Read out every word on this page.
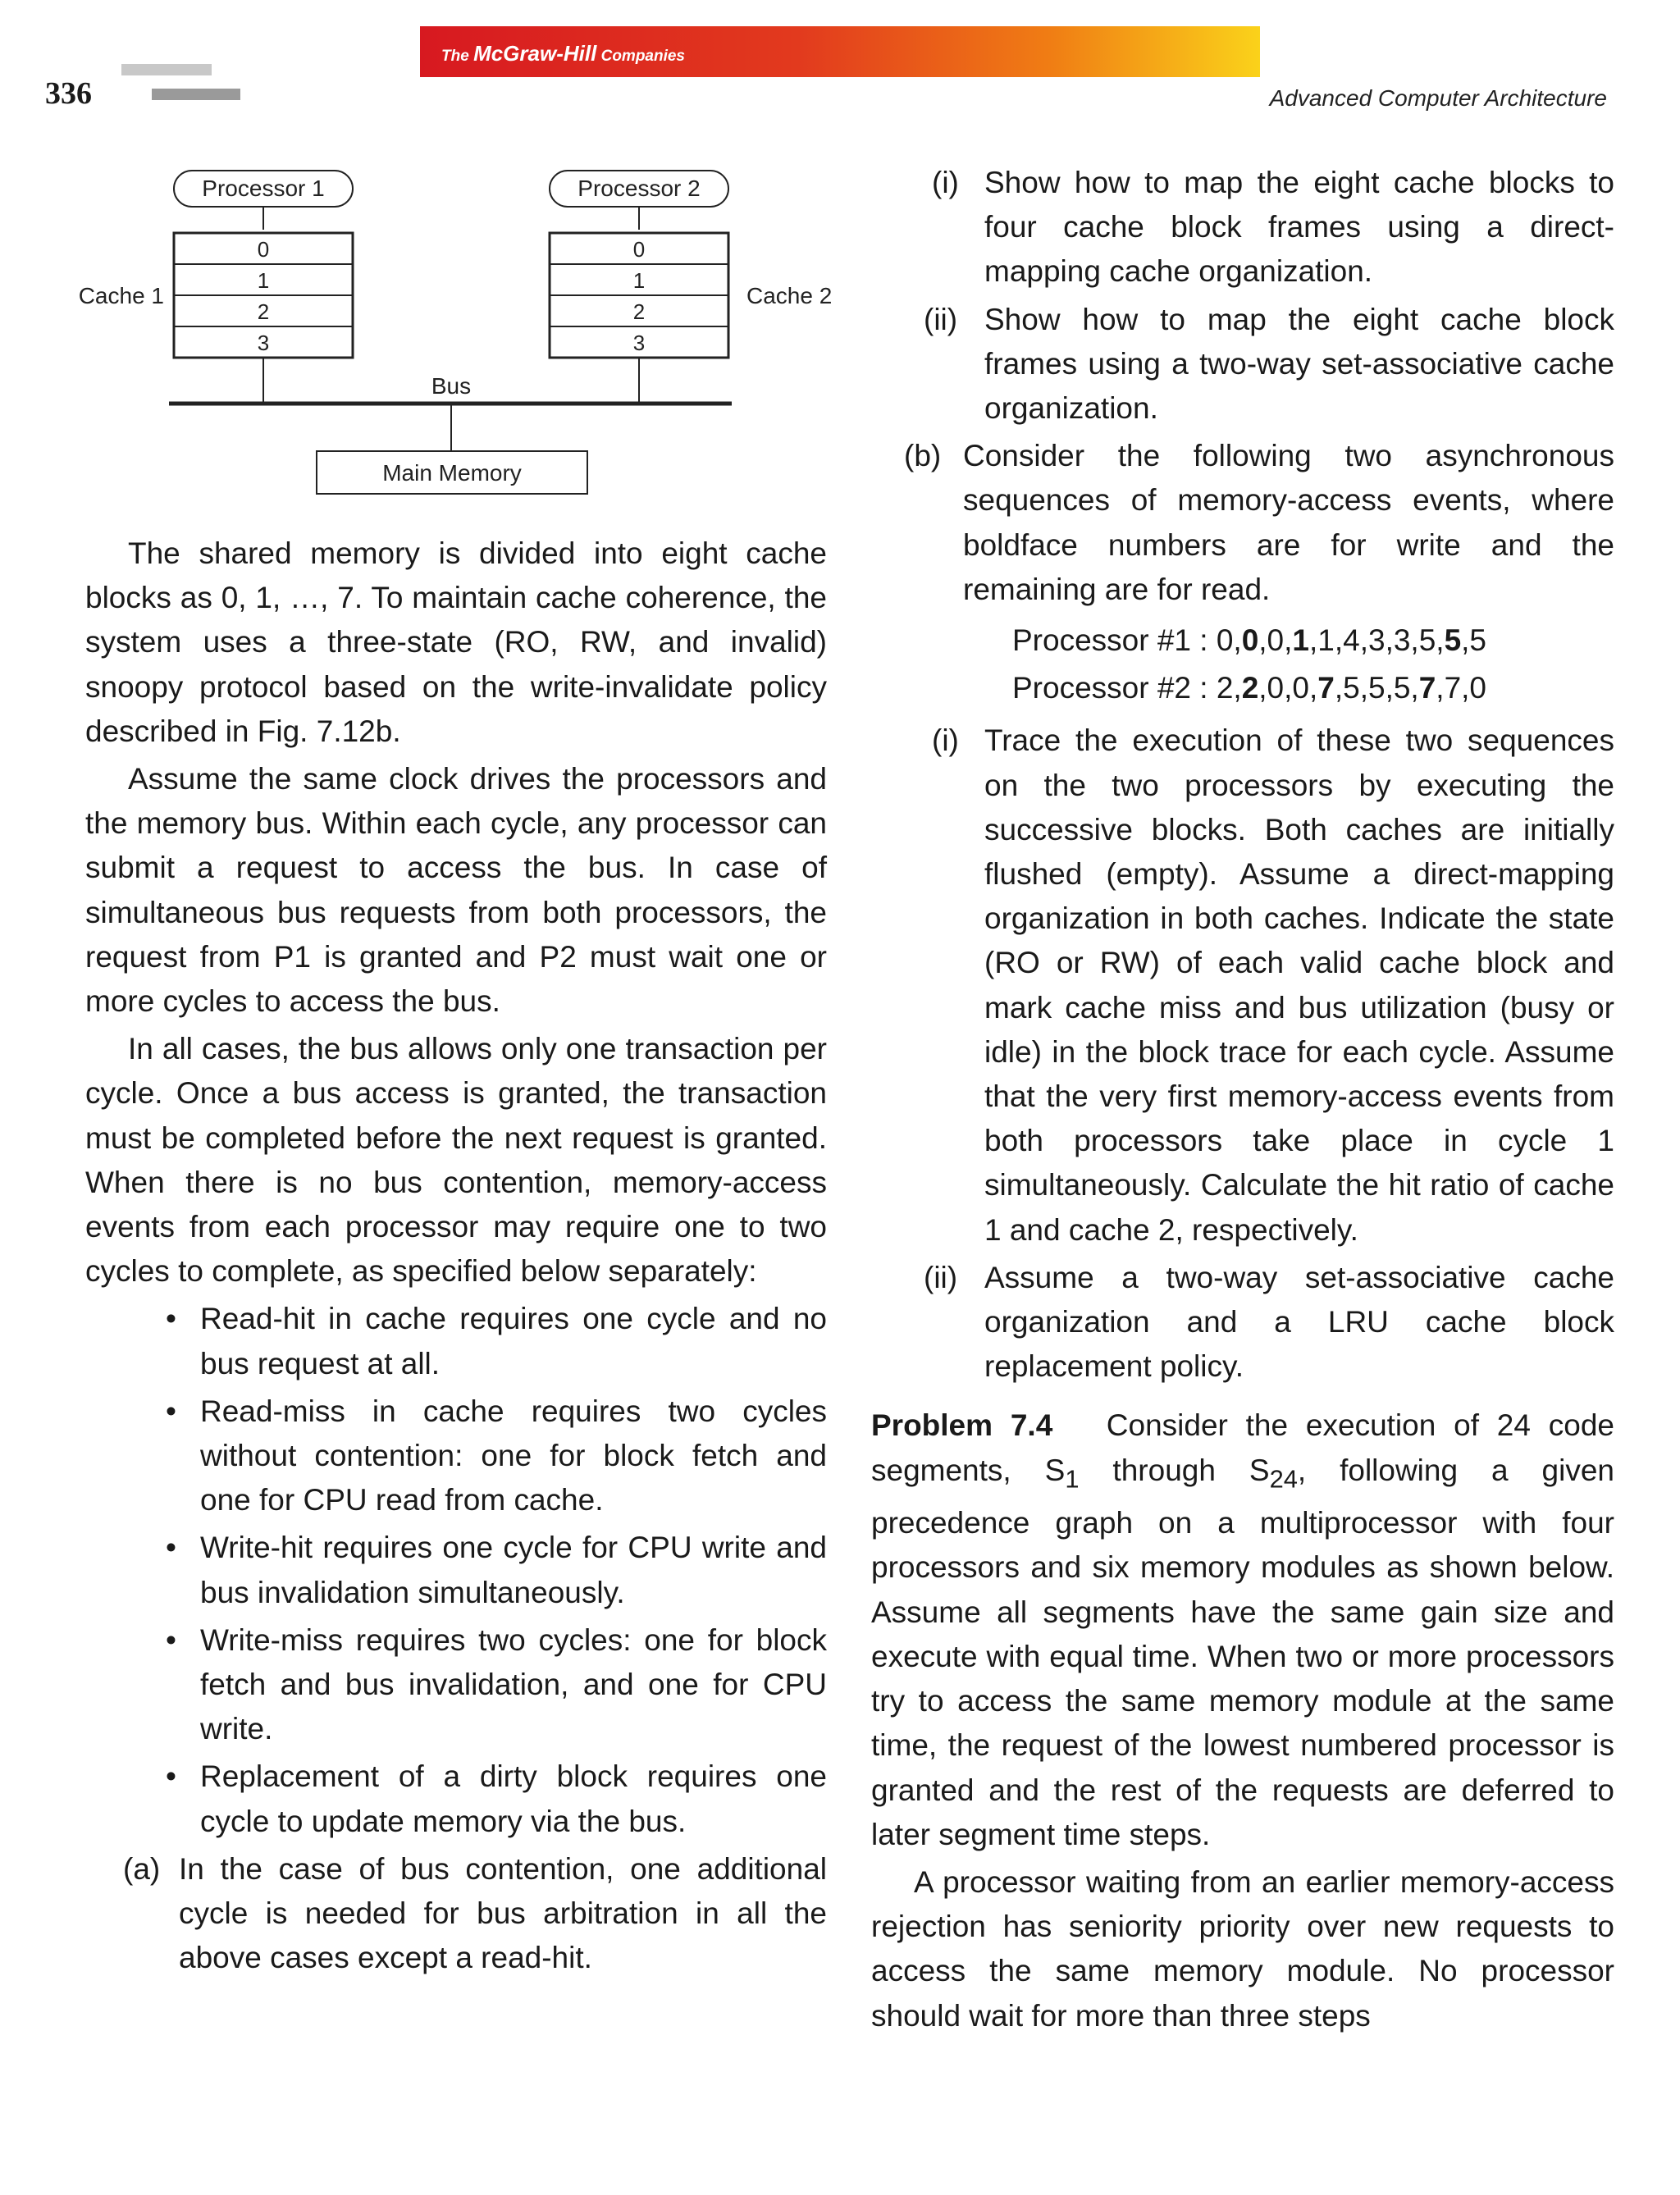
336
The McGraw-Hill Companies
Advanced Computer Architecture
Processor 1
0
1
2
3
Cache 1
Processor 2
0
1
2
3
Cache 2
Bus
Main Memory

The shared memory is divided into eight cache blocks as 0, 1, …, 7. To maintain cache coherence, the system uses a three-state (RO, RW, and invalid) snoopy protocol based on the write-invalidate policy described in Fig. 7.12b.

Assume the same clock drives the processors and the memory bus. Within each cycle, any processor can submit a request to access the bus. In case of simultaneous bus requests from both processors, the request from P1 is granted and P2 must wait one or more cycles to access the bus.

In all cases, the bus allows only one transaction per cycle. Once a bus access is granted, the transaction must be completed before the next request is granted. When there is no bus contention, memory-access events from each processor may require one to two cycles to complete, as specified below separately:

• Read-hit in cache requires one cycle and no bus request at all.

• Read-miss in cache requires two cycles without contention: one for block fetch and one for CPU read from cache.

• Write-hit requires one cycle for CPU write and bus invalidation simultaneously.

• Write-miss requires two cycles: one for block fetch and bus invalidation, and one for CPU write.

• Replacement of a dirty block requires one cycle to update memory via the bus.

(a) In the case of bus contention, one additional cycle is needed for bus arbitration in all the above cases except a read-hit.

(i) Show how to map the eight cache blocks to four cache block frames using a direct-mapping cache organization.

(ii) Show how to map the eight cache block frames using a two-way set-associative cache organization.

(b) Consider the following two asynchronous sequences of memory-access events, where boldface numbers are for write and the remaining are for read.

Processor #1 : 0,0,0,1,1,4,3,3,5,5,5

Processor #2 : 2,2,0,0,7,5,5,5,7,7,0

(i) Trace the execution of these two sequences on the two processors by executing the successive blocks. Both caches are initially flushed (empty). Assume a direct-mapping organization in both caches. Indicate the state (RO or RW) of each valid cache block and mark cache miss and bus utilization (busy or idle) in the block trace for each cycle. Assume that the very first memory-access events from both processors take place in cycle 1 simultaneously. Calculate the hit ratio of cache 1 and cache 2, respectively.

(ii) Assume a two-way set-associative cache organization and a LRU cache block replacement policy.

Problem 7.4 Consider the execution of 24 code segments, $S_1$ through $S_{24}$, following a given precedence graph on a multiprocessor with four processors and six memory modules as shown below. Assume all segments have the same gain size and execute with equal time. When two or more processors try to access the same memory module at the same time, the request of the lowest numbered processor is granted and the rest of the requests are deferred to later segment time steps.

A processor waiting from an earlier memory-access rejection has seniority priority over new requests to access the same memory module. No processor should wait for more than three steps
